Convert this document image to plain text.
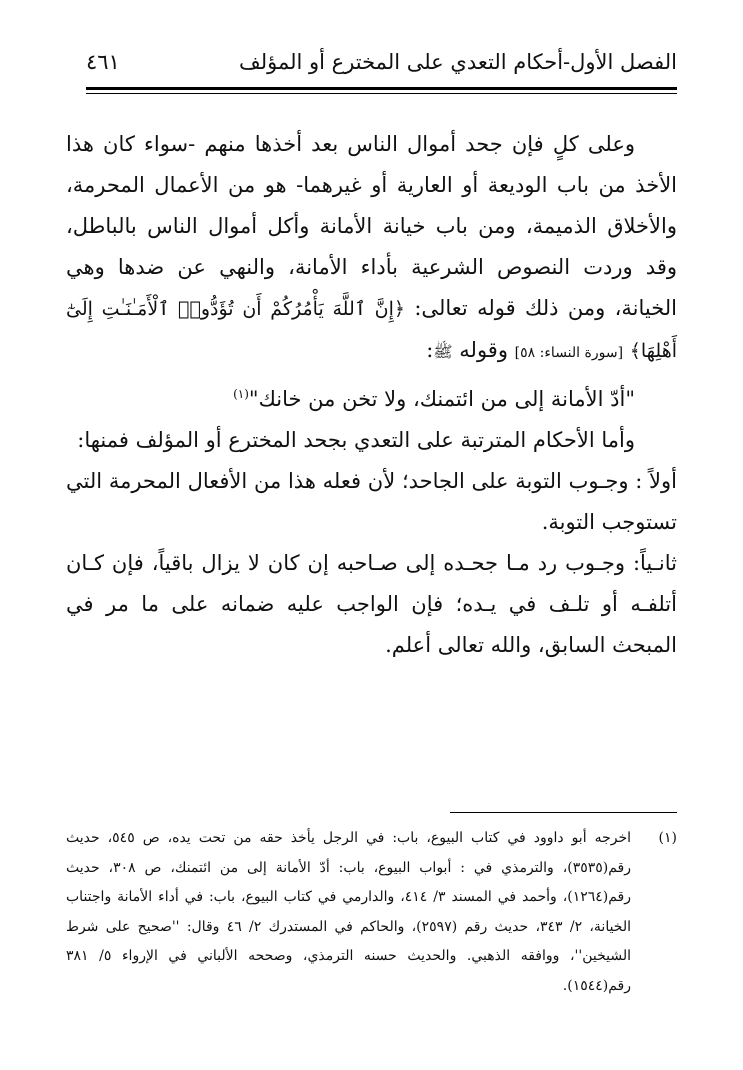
الفصل الأول-أحكام التعدي على المخترع أو المؤلف
٤٦١

وعلى كلٍ فإن جحد أموال الناس بعد أخذها منهم -سواء كان هذا الأخذ من باب الوديعة أو العارية أو غيرهما- هو من الأعمال المحرمة، والأخلاق الذميمة، ومن باب خيانة الأمانة وأكل أموال الناس بالباطل، وقد وردت النصوص الشرعية بأداء الأمانة، والنهي عن ضدها وهي الخيانة، ومن ذلك قوله تعالى: ﴿إِنَّ ٱللَّهَ يَأْمُرُكُمْ أَن تُؤَدُّوا۟ ٱلْأَمَـٰنَـٰتِ إِلَىٰٓ أَهْلِهَا﴾ [سورة النساء: ٥٨] وقوله ﷺ:

"أدّ الأمانة إلى من ائتمنك، ولا تخن من خانك"$^{(١)}$

وأما الأحكام المترتبة على التعدي بجحد المخترع أو المؤلف فمنها:

أولاً : وجـوب التوبة على الجاحد؛ لأن فعله هذا من الأفعال المحرمة التي تستوجب التوبة.

ثانـياً: وجـوب رد مـا جحـده إلى صـاحبه إن كان لا يزال باقياً، فإن كـان أتلفـه أو تلـف في يـده؛ فإن الواجب عليه ضمانه على ما مر في المبحث السابق، والله تعالى أعلم.

(١)
اخرجه أبو داوود في كتاب البيوع، باب: في الرجل يأخذ حقه من تحت يده، ص ٥٤٥، حديث رقم(٣٥٣٥)، والترمذي في : أبواب البيوع، باب: أدّ الأمانة إلى من ائتمنك، ص ٣٠٨، حديث رقم(١٢٦٤)، وأحمد في المسند ٣/ ٤١٤، والدارمي في كتاب البيوع، باب: في أداء الأمانة واجتناب الخيانة، ٢/ ٣٤٣، حديث رقم (٢٥٩٧)، والحاكم في المستدرك ٢/ ٤٦ وقال: ''صحيح على شرط الشيخين''، ووافقه الذهبي. والحديث حسنه الترمذي، وصححه الألباني في الإرواء ٥/ ٣٨١ رقم(١٥٤٤).
